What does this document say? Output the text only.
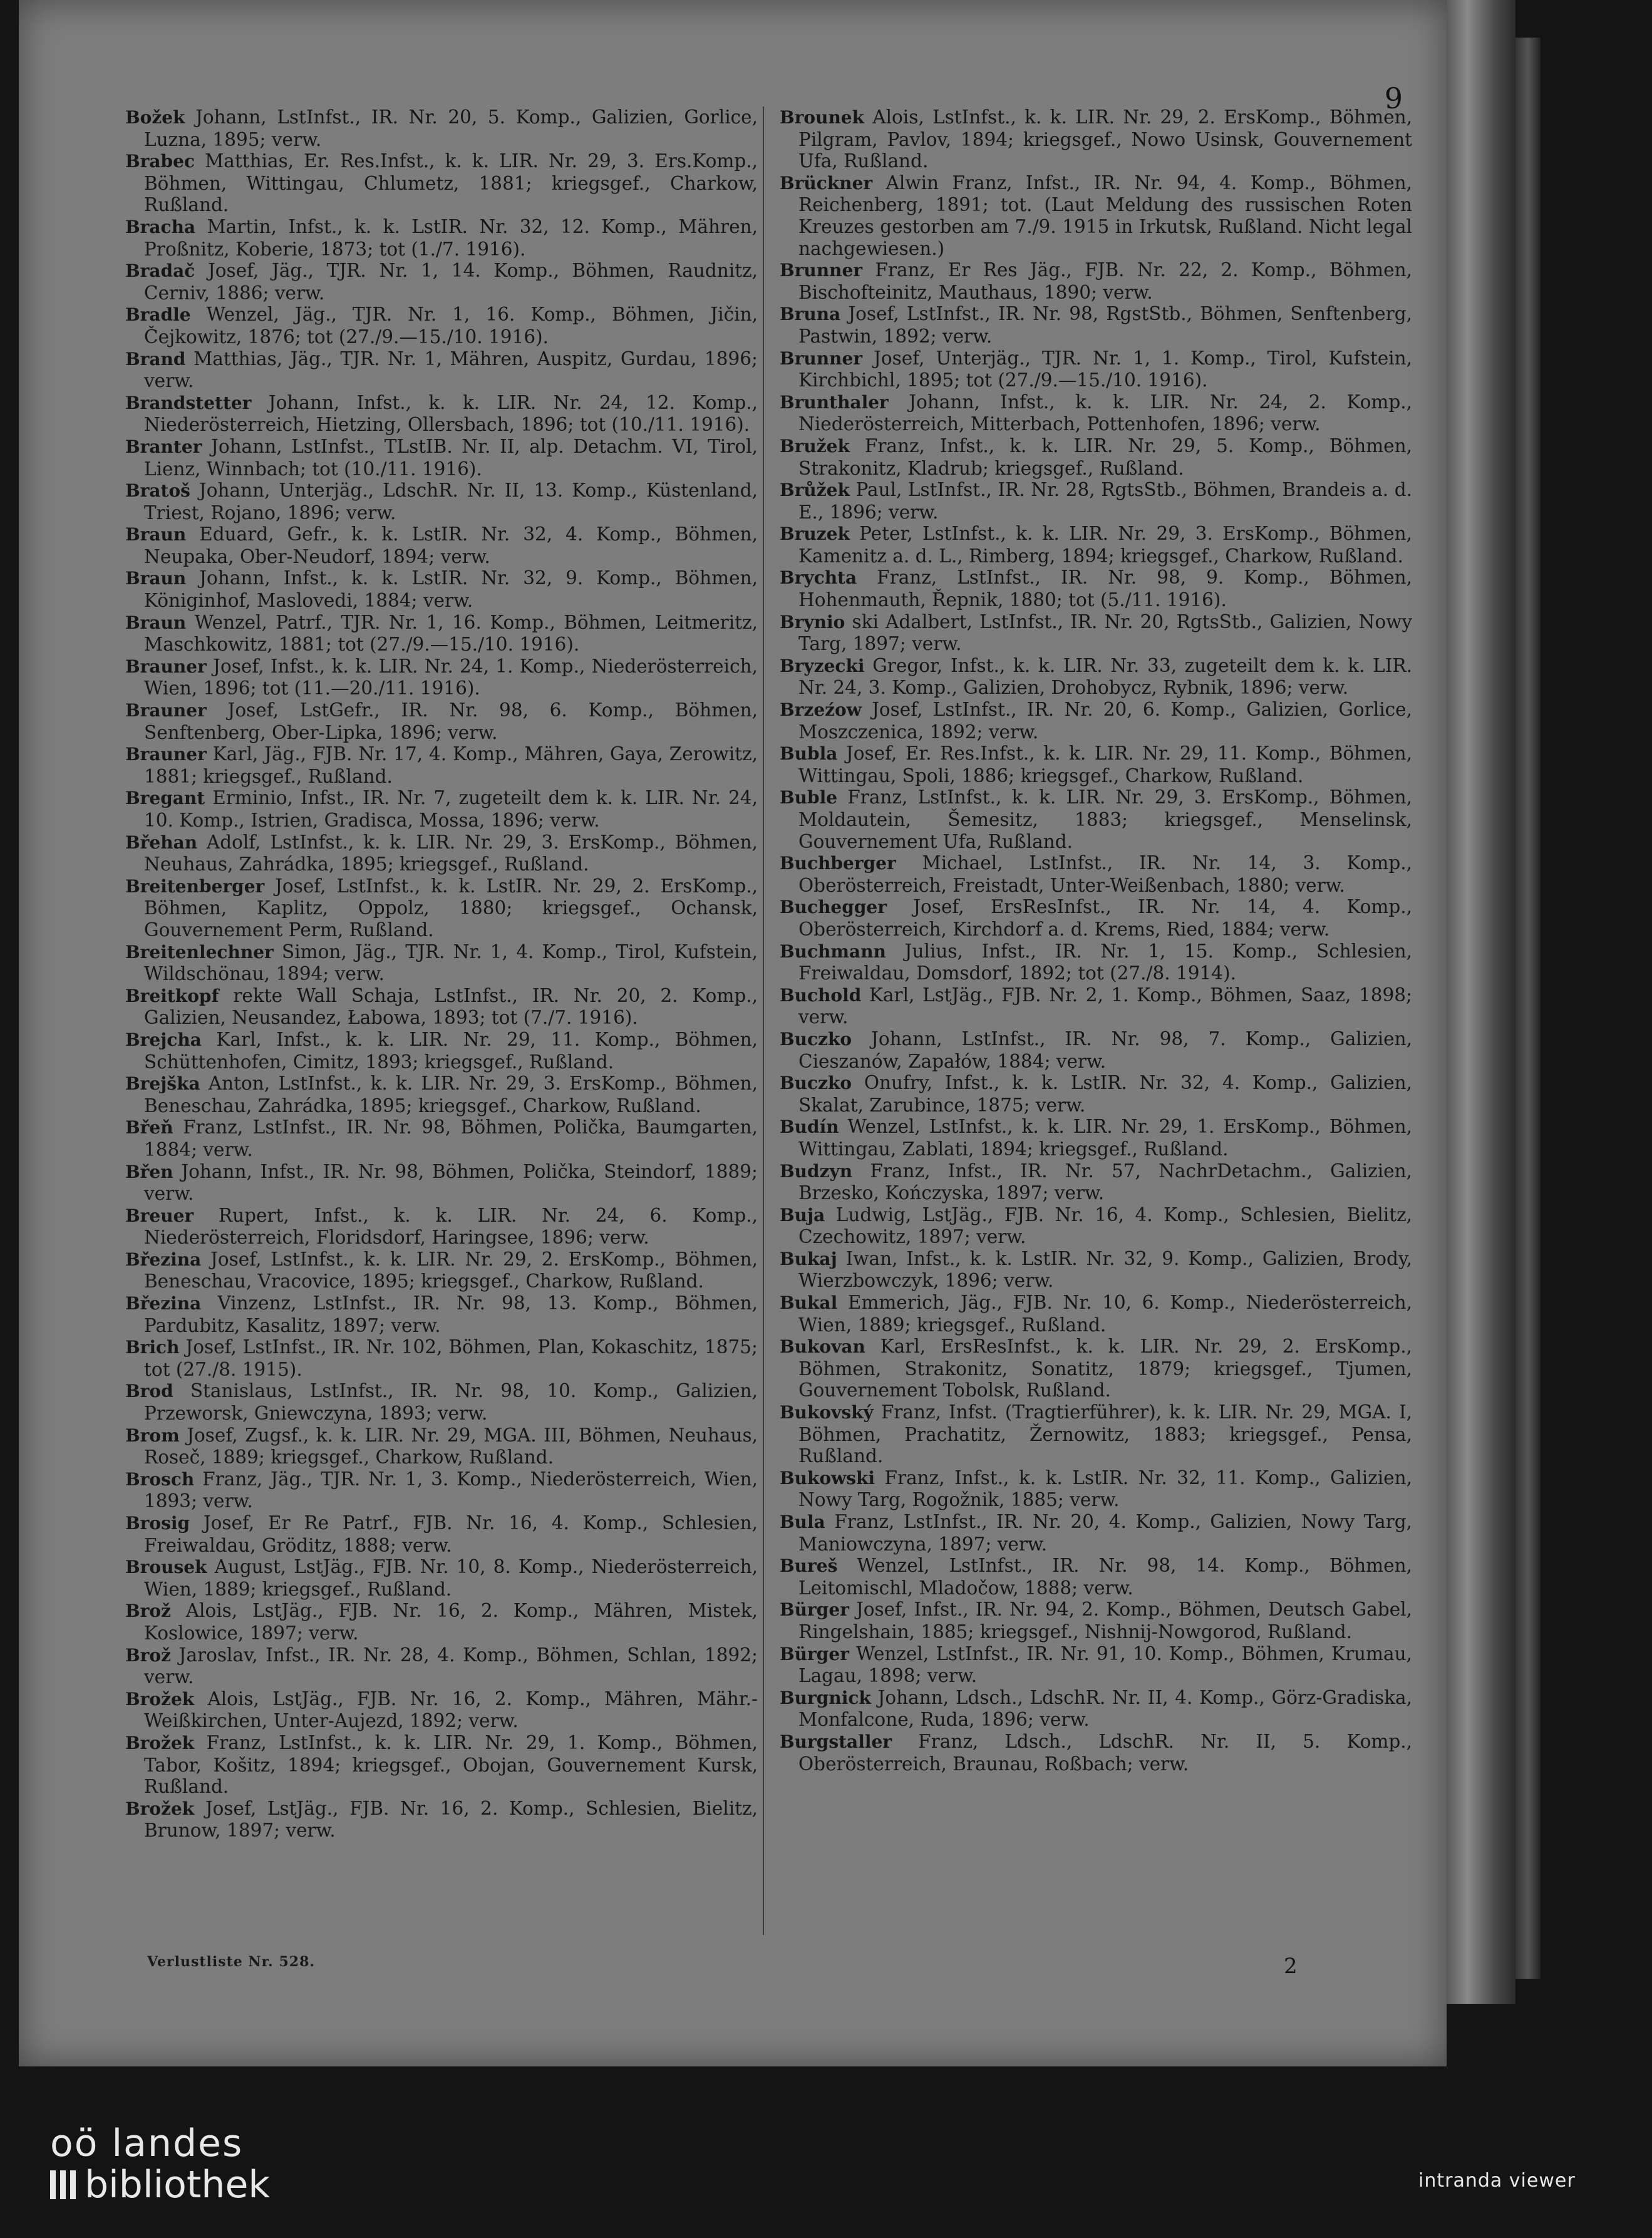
9

Božek Johann, LstInfst., IR. Nr. 20, 5. Komp., Galizien, Gorlice, Luzna, 1895; verw.

Brabec Matthias, Er. Res.Infst., k. k. LIR. Nr. 29, 3. Ers.Komp., Böhmen, Wittingau, Chlumetz, 1881; kriegsgef., Charkow, Rußland.

Bracha Martin, Infst., k. k. LstIR. Nr. 32, 12. Komp., Mähren, Proßnitz, Koberie, 1873; tot (1./7. 1916).

Bradač Josef, Jäg., TJR. Nr. 1, 14. Komp., Böhmen, Raudnitz, Cerniv, 1886; verw.

Bradle Wenzel, Jäg., TJR. Nr. 1, 16. Komp., Böhmen, Jičin, Čejkowitz, 1876; tot (27./9.—15./10. 1916).

Brand Matthias, Jäg., TJR. Nr. 1, Mähren, Auspitz, Gurdau, 1896; verw.

Brandstetter Johann, Infst., k. k. LIR. Nr. 24, 12. Komp., Niederösterreich, Hietzing, Ollersbach, 1896; tot (10./11. 1916).

Branter Johann, LstInfst., TLstIB. Nr. II, alp. Detachm. VI, Tirol, Lienz, Winnbach; tot (10./11. 1916).

Bratoš Johann, Unterjäg., LdschR. Nr. II, 13. Komp., Küstenland, Triest, Rojano, 1896; verw.

Braun Eduard, Gefr., k. k. LstIR. Nr. 32, 4. Komp., Böhmen, Neupaka, Ober-Neudorf, 1894; verw.

Braun Johann, Infst., k. k. LstIR. Nr. 32, 9. Komp., Böhmen, Königinhof, Maslovedi, 1884; verw.

Braun Wenzel, Patrf., TJR. Nr. 1, 16. Komp., Böhmen, Leitmeritz, Maschkowitz, 1881; tot (27./9.—15./10. 1916).

Brauner Josef, Infst., k. k. LIR. Nr. 24, 1. Komp., Niederösterreich, Wien, 1896; tot (11.—20./11. 1916).

Brauner Josef, LstGefr., IR. Nr. 98, 6. Komp., Böhmen, Senftenberg, Ober-Lipka, 1896; verw.

Brauner Karl, Jäg., FJB. Nr. 17, 4. Komp., Mähren, Gaya, Zerowitz, 1881; kriegsgef., Rußland.

Bregant Erminio, Infst., IR. Nr. 7, zugeteilt dem k. k. LIR. Nr. 24, 10. Komp., Istrien, Gradisca, Mossa, 1896; verw.

Břehan Adolf, LstInfst., k. k. LIR. Nr. 29, 3. ErsKomp., Böhmen, Neuhaus, Zahrádka, 1895; kriegsgef., Rußland.

Breitenberger Josef, LstInfst., k. k. LstIR. Nr. 29, 2. ErsKomp., Böhmen, Kaplitz, Oppolz, 1880; kriegsgef., Ochansk, Gouvernement Perm, Rußland.

Breitenlechner Simon, Jäg., TJR. Nr. 1, 4. Komp., Tirol, Kufstein, Wildschönau, 1894; verw.

Breitkopf rekte Wall Schaja, LstInfst., IR. Nr. 20, 2. Komp., Galizien, Neusandez, Łabowa, 1893; tot (7./7. 1916).

Brejcha Karl, Infst., k. k. LIR. Nr. 29, 11. Komp., Böhmen, Schüttenhofen, Cimitz, 1893; kriegsgef., Rußland.

Brejška Anton, LstInfst., k. k. LIR. Nr. 29, 3. ErsKomp., Böhmen, Beneschau, Zahrádka, 1895; kriegsgef., Charkow, Rußland.

Břeň Franz, LstInfst., IR. Nr. 98, Böhmen, Polička, Baumgarten, 1884; verw.

Břen Johann, Infst., IR. Nr. 98, Böhmen, Polička, Steindorf, 1889; verw.

Breuer Rupert, Infst., k. k. LIR. Nr. 24, 6. Komp., Niederösterreich, Floridsdorf, Haringsee, 1896; verw.

Březina Josef, LstInfst., k. k. LIR. Nr. 29, 2. ErsKomp., Böhmen, Beneschau, Vracovice, 1895; kriegsgef., Charkow, Rußland.

Březina Vinzenz, LstInfst., IR. Nr. 98, 13. Komp., Böhmen, Pardubitz, Kasalitz, 1897; verw.

Brich Josef, LstInfst., IR. Nr. 102, Böhmen, Plan, Kokaschitz, 1875; tot (27./8. 1915).

Brod Stanislaus, LstInfst., IR. Nr. 98, 10. Komp., Galizien, Przeworsk, Gniewczyna, 1893; verw.

Brom Josef, Zugsf., k. k. LIR. Nr. 29, MGA. III, Böhmen, Neuhaus, Roseč, 1889; kriegsgef., Charkow, Rußland.

Brosch Franz, Jäg., TJR. Nr. 1, 3. Komp., Niederösterreich, Wien, 1893; verw.

Brosig Josef, Er Re Patrf., FJB. Nr. 16, 4. Komp., Schlesien, Freiwaldau, Gröditz, 1888; verw.

Brousek August, LstJäg., FJB. Nr. 10, 8. Komp., Niederösterreich, Wien, 1889; kriegsgef., Rußland.

Brož Alois, LstJäg., FJB. Nr. 16, 2. Komp., Mähren, Mistek, Koslowice, 1897; verw.

Brož Jaroslav, Infst., IR. Nr. 28, 4. Komp., Böhmen, Schlan, 1892; verw.

Brožek Alois, LstJäg., FJB. Nr. 16, 2. Komp., Mähren, Mähr.-Weißkirchen, Unter-Aujezd, 1892; verw.

Brožek Franz, LstInfst., k. k. LIR. Nr. 29, 1. Komp., Böhmen, Tabor, Košitz, 1894; kriegsgef., Obojan, Gouvernement Kursk, Rußland.

Brožek Josef, LstJäg., FJB. Nr. 16, 2. Komp., Schlesien, Bielitz, Brunow, 1897; verw.

Brounek Alois, LstInfst., k. k. LIR. Nr. 29, 2. ErsKomp., Böhmen, Pilgram, Pavlov, 1894; kriegsgef., Nowo Usinsk, Gouvernement Ufa, Rußland.

Brückner Alwin Franz, Infst., IR. Nr. 94, 4. Komp., Böhmen, Reichenberg, 1891; tot. (Laut Meldung des russischen Roten Kreuzes gestorben am 7./9. 1915 in Irkutsk, Rußland. Nicht legal nachgewiesen.)

Brunner Franz, Er Res Jäg., FJB. Nr. 22, 2. Komp., Böhmen, Bischofteinitz, Mauthaus, 1890; verw.

Bruna Josef, LstInfst., IR. Nr. 98, RgstStb., Böhmen, Senftenberg, Pastwin, 1892; verw.

Brunner Josef, Unterjäg., TJR. Nr. 1, 1. Komp., Tirol, Kufstein, Kirchbichl, 1895; tot (27./9.—15./10. 1916).

Brunthaler Johann, Infst., k. k. LIR. Nr. 24, 2. Komp., Niederösterreich, Mitterbach, Pottenhofen, 1896; verw.

Bružek Franz, Infst., k. k. LIR. Nr. 29, 5. Komp., Böhmen, Strakonitz, Kladrub; kriegsgef., Rußland.

Brůžek Paul, LstInfst., IR. Nr. 28, RgtsStb., Böhmen, Brandeis a. d. E., 1896; verw.

Bruzek Peter, LstInfst., k. k. LIR. Nr. 29, 3. ErsKomp., Böhmen, Kamenitz a. d. L., Rimberg, 1894; kriegsgef., Charkow, Rußland.

Brychta Franz, LstInfst., IR. Nr. 98, 9. Komp., Böhmen, Hohenmauth, Řepnik, 1880; tot (5./11. 1916).

Brynio ski Adalbert, LstInfst., IR. Nr. 20, RgtsStb., Galizien, Nowy Targ, 1897; verw.

Bryzecki Gregor, Infst., k. k. LIR. Nr. 33, zugeteilt dem k. k. LIR. Nr. 24, 3. Komp., Galizien, Drohobycz, Rybnik, 1896; verw.

Brzeźow Josef, LstInfst., IR. Nr. 20, 6. Komp., Galizien, Gorlice, Moszczenica, 1892; verw.

Bubla Josef, Er. Res.Infst., k. k. LIR. Nr. 29, 11. Komp., Böhmen, Wittingau, Spoli, 1886; kriegsgef., Charkow, Rußland.

Buble Franz, LstInfst., k. k. LIR. Nr. 29, 3. ErsKomp., Böhmen, Moldautein, Šemesitz, 1883; kriegsgef., Menselinsk, Gouvernement Ufa, Rußland.

Buchberger Michael, LstInfst., IR. Nr. 14, 3. Komp., Oberösterreich, Freistadt, Unter-Weißenbach, 1880; verw.

Buchegger Josef, ErsResInfst., IR. Nr. 14, 4. Komp., Oberösterreich, Kirchdorf a. d. Krems, Ried, 1884; verw.

Buchmann Julius, Infst., IR. Nr. 1, 15. Komp., Schlesien, Freiwaldau, Domsdorf, 1892; tot (27./8. 1914).

Buchold Karl, LstJäg., FJB. Nr. 2, 1. Komp., Böhmen, Saaz, 1898; verw.

Buczko Johann, LstInfst., IR. Nr. 98, 7. Komp., Galizien, Cieszanów, Zapałów, 1884; verw.

Buczko Onufry, Infst., k. k. LstIR. Nr. 32, 4. Komp., Galizien, Skalat, Zarubince, 1875; verw.

Budín Wenzel, LstInfst., k. k. LIR. Nr. 29, 1. ErsKomp., Böhmen, Wittingau, Zablati, 1894; kriegsgef., Rußland.

Budzyn Franz, Infst., IR. Nr. 57, NachrDetachm., Galizien, Brzesko, Kończyska, 1897; verw.

Buja Ludwig, LstJäg., FJB. Nr. 16, 4. Komp., Schlesien, Bielitz, Czechowitz, 1897; verw.

Bukaj Iwan, Infst., k. k. LstIR. Nr. 32, 9. Komp., Galizien, Brody, Wierzbowczyk, 1896; verw.

Bukal Emmerich, Jäg., FJB. Nr. 10, 6. Komp., Niederösterreich, Wien, 1889; kriegsgef., Rußland.

Bukovan Karl, ErsResInfst., k. k. LIR. Nr. 29, 2. ErsKomp., Böhmen, Strakonitz, Sonatitz, 1879; kriegsgef., Tjumen, Gouvernement Tobolsk, Rußland.

Bukovský Franz, Infst. (Tragtierführer), k. k. LIR. Nr. 29, MGA. I, Böhmen, Prachatitz, Žernowitz, 1883; kriegsgef., Pensa, Rußland.

Bukowski Franz, Infst., k. k. LstIR. Nr. 32, 11. Komp., Galizien, Nowy Targ, Rogožnik, 1885; verw.

Bula Franz, LstInfst., IR. Nr. 20, 4. Komp., Galizien, Nowy Targ, Maniowczyna, 1897; verw.

Bureš Wenzel, LstInfst., IR. Nr. 98, 14. Komp., Böhmen, Leitomischl, Mladočow, 1888; verw.

Bürger Josef, Infst., IR. Nr. 94, 2. Komp., Böhmen, Deutsch Gabel, Ringelshain, 1885; kriegsgef., Nishnij-Nowgorod, Rußland.

Bürger Wenzel, LstInfst., IR. Nr. 91, 10. Komp., Böhmen, Krumau, Lagau, 1898; verw.

Burgnick Johann, Ldsch., LdschR. Nr. II, 4. Komp., Görz-Gradiska, Monfalcone, Ruda, 1896; verw.

Burgstaller Franz, Ldsch., LdschR. Nr. II, 5. Komp., Oberösterreich, Braunau, Roßbach; verw.

Verlustliste Nr. 528.	2
oö landes
bibliothek	intranda viewer
